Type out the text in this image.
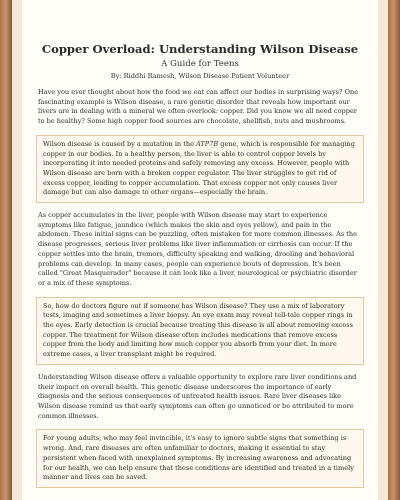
Copper Overload: Understanding Wilson Disease
A Guide for Teens
By: Riddhi Ramesh, Wilson Disease Patient Volunteer

Have you ever thought about how the food we eat can affect our bodies in surprising ways? One fascinating example is Wilson disease, a rare genetic disorder that reveals how important our livers are in dealing with a mineral we often overlook: copper. Did you know we all need copper to be healthy? Some high copper food sources are chocolate, shellfish, nuts and mushrooms.

Wilson disease is caused by a mutation in the ATP7B gene, which is responsible for managing copper in our bodies. In a healthy person, the liver is able to control copper levels by incorporating it into needed proteins and safely removing any excess. However, people with Wilson disease are born with a broken copper regulator. The liver struggles to get rid of excess copper, leading to copper accumulation. That excess copper not only causes liver damage but can also damage to other organs—especially the brain.

As copper accumulates in the liver, people with Wilson disease may start to experience symptoms like fatigue, jaundice (which makes the skin and eyes yellow), and pain in the abdomen. These initial signs can be puzzling, often mistaken for more common illnesses. As the disease progresses, serious liver problems like liver inflammation or cirrhosis can occur. If the copper settles into the brain, tremors, difficulty speaking and walking, drooling and behavioral problems can develop. In many cases, people can experience bouts of depression. It's been called "Great Masquerader" because it can look like a liver, neurological or psychiatric disorder or a mix of these symptoms.

So, how do doctors figure out if someone has Wilson disease? They use a mix of laboratory tests, imaging and sometimes a liver biopsy. An eye exam may reveal tell-tale copper rings in the eyes. Early detection is crucial because treating this disease is all about removing excess copper. The treatment for Wilson disease often includes medications that remove excess copper from the body and limiting how much copper you absorb from your diet. In more extreme cases, a liver transplant might be required.

Understanding Wilson disease offers a valuable opportunity to explore rare liver conditions and their impact on overall health. This genetic disease underscores the importance of early diagnosis and the serious consequences of untreated health issues. Rare liver diseases like Wilson disease remind us that early symptoms can often go unnoticed or be attributed to more common illnesses.

For young adults, who may feel invincible, it's easy to ignore subtle signs that something is wrong. And, rare diseases are often unfamiliar to doctors, making it essential to stay persistent when faced with unexplained symptoms. By increasing awareness and advocating for our health, we can help ensure that these conditions are identified and treated in a timely manner and lives can be saved.
